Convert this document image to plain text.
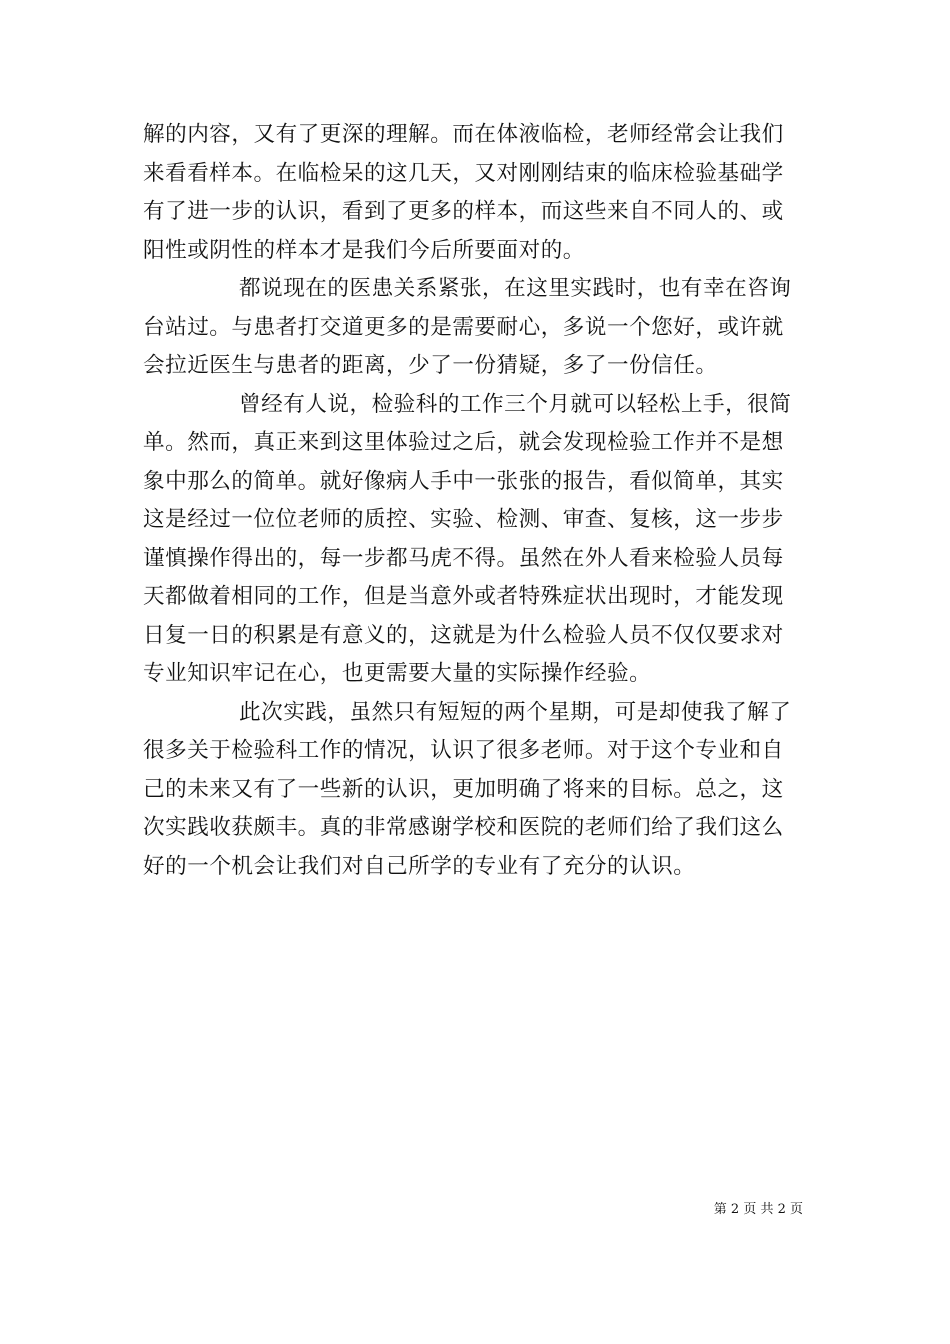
解的内容，又有了更深的理解。而在体液临检，老师经常会让我们
来看看样本。在临检呆的这几天，又对刚刚结束的临床检验基础学
有了进一步的认识，看到了更多的样本，而这些来自不同人的、或
阳性或阴性的样本才是我们今后所要面对的。
都说现在的医患关系紧张，在这里实践时，也有幸在咨询
台站过。与患者打交道更多的是需要耐心，多说一个您好，或许就
会拉近医生与患者的距离，少了一份猜疑，多了一份信任。
曾经有人说，检验科的工作三个月就可以轻松上手，很简
单。然而，真正来到这里体验过之后，就会发现检验工作并不是想
象中那么的简单。就好像病人手中一张张的报告，看似简单，其实
这是经过一位位老师的质控、实验、检测、审查、复核，这一步步
谨慎操作得出的，每一步都马虎不得。虽然在外人看来检验人员每
天都做着相同的工作，但是当意外或者特殊症状出现时，才能发现
日复一日的积累是有意义的，这就是为什么检验人员不仅仅要求对
专业知识牢记在心，也更需要大量的实际操作经验。
此次实践，虽然只有短短的两个星期，可是却使我了解了
很多关于检验科工作的情况，认识了很多老师。对于这个专业和自
己的未来又有了一些新的认识，更加明确了将来的目标。总之，这
次实践收获颇丰。真的非常感谢学校和医院的老师们给了我们这么
好的一个机会让我们对自己所学的专业有了充分的认识。
第 2 页 共 2 页
